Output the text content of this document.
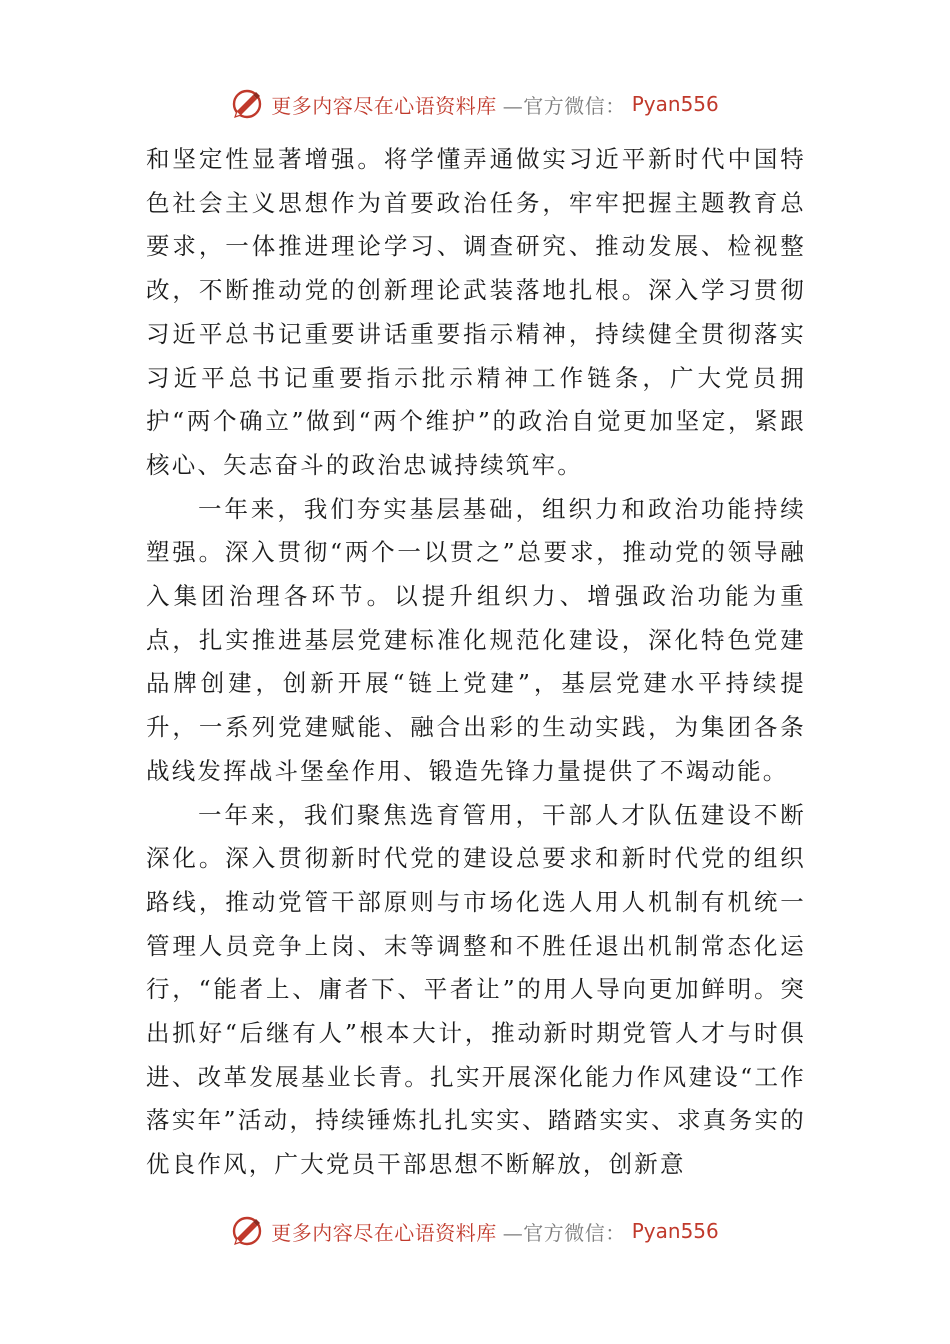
更多内容尽在心语资料库 —官方微信： Pyan556

和坚定性显著增强。将学懂弄通做实习近平新时代中国特色社会主义思想作为首要政治任务，牢牢把握主题教育总要求，一体推进理论学习、调查研究、推动发展、检视整改，不断推动党的创新理论武装落地扎根。深入学习贯彻习近平总书记重要讲话重要指示精神，持续健全贯彻落实习近平总书记重要指示批示精神工作链条，广大党员拥护“两个确立”做到“两个维护”的政治自觉更加坚定，紧跟核心、矢志奋斗的政治忠诚持续筑牢。

一年来，我们夯实基层基础，组织力和政治功能持续塑强。深入贯彻“两个一以贯之”总要求，推动党的领导融入集团治理各环节。以提升组织力、增强政治功能为重点，扎实推进基层党建标准化规范化建设，深化特色党建品牌创建，创新开展“链上党建”，基层党建水平持续提升，一系列党建赋能、融合出彩的生动实践，为集团各条战线发挥战斗堡垒作用、锻造先锋力量提供了不竭动能。

一年来，我们聚焦选育管用，干部人才队伍建设不断深化。深入贯彻新时代党的建设总要求和新时代党的组织路线，推动党管干部原则与市场化选人用人机制有机统一管理人员竞争上岗、末等调整和不胜任退出机制常态化运行，“能者上、庸者下、平者让”的用人导向更加鲜明。突出抓好“后继有人”根本大计，推动新时期党管人才与时俱进、改革发展基业长青。扎实开展深化能力作风建设“工作落实年”活动，持续锤炼扎扎实实、踏踏实实、求真务实的优良作风，广大党员干部思想不断解放，创新意

更多内容尽在心语资料库 —官方微信： Pyan556
